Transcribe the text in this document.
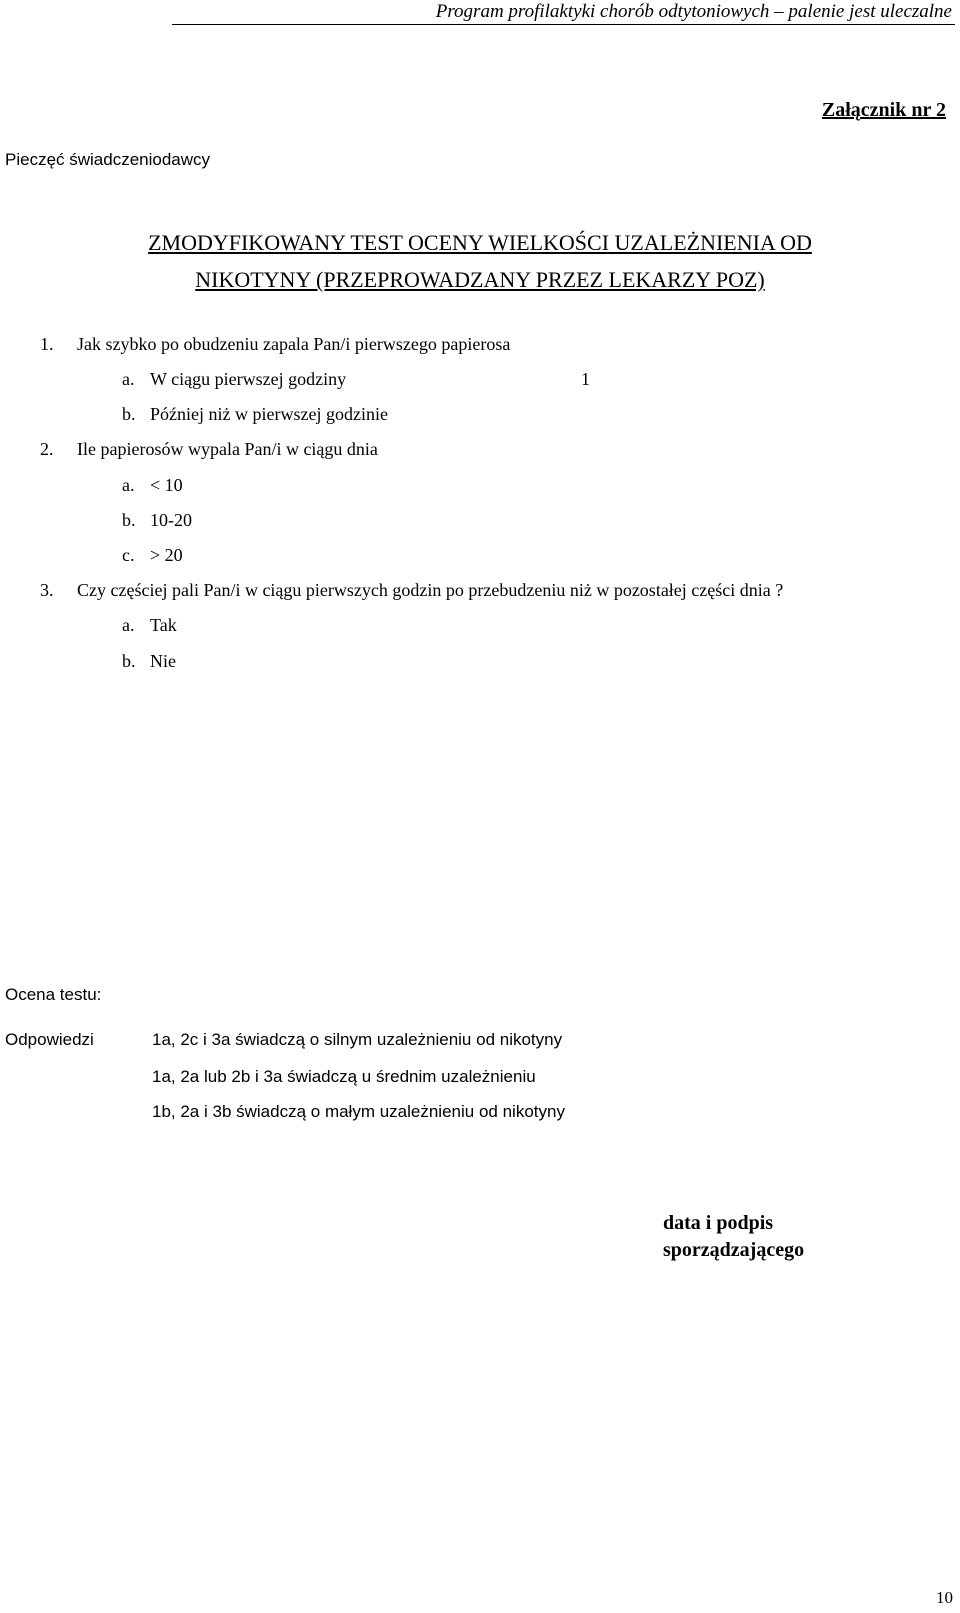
Program profilaktyki chorób odtytoniowych – palenie jest uleczalne
Załącznik nr 2
Pieczęć świadczeniodawcy
ZMODYFIKOWANY TEST OCENY WIELKOŚCI UZALEŻNIENIA OD
NIKOTYNY (PRZEPROWADZANY PRZEZ LEKARZY POZ)
1. Jak szybko po obudzeniu zapala Pan/i pierwszego papierosa
a. W ciągu pierwszej godziny	1
b. Później niż w pierwszej godzinie
2. Ile papierosów wypala Pan/i w ciągu dnia
a. < 10
b. 10-20
c. > 20
3. Czy częściej pali Pan/i w ciągu pierwszych godzin po przebudzeniu niż w pozostałej części dnia ?
a. Tak
b. Nie
Ocena testu:
Odpowiedzi	1a, 2c i 3a świadczą o silnym uzależnieniu od nikotyny
1a, 2a lub 2b i 3a świadczą u średnim uzależnieniu
1b, 2a i 3b świadczą o małym uzależnieniu od nikotyny
data i podpis
sporządzającego
10
